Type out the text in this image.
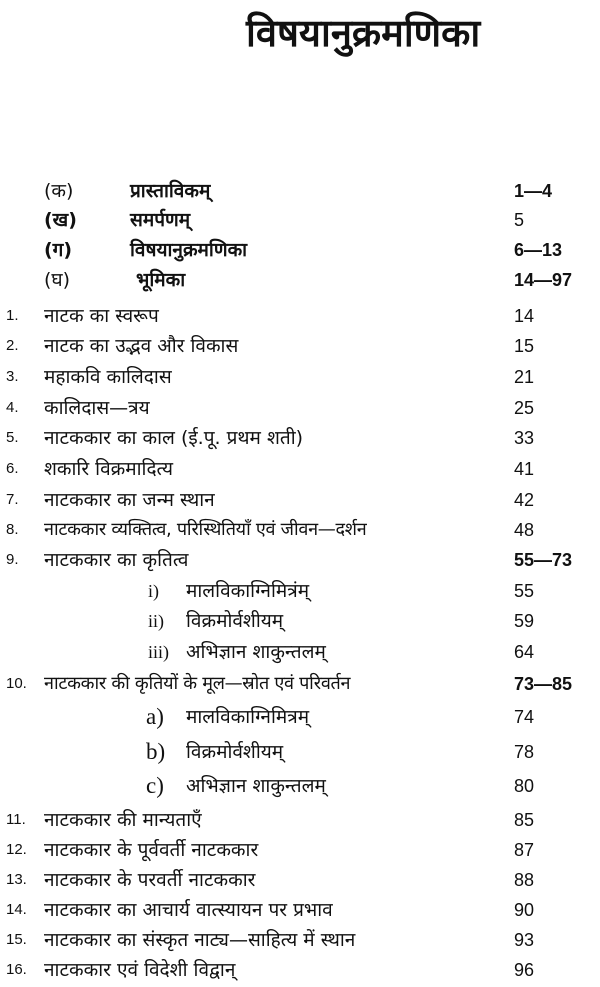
विषयानुक्रमणिका
(क)	प्रास्ताविकम्	1—4
(ख)	समर्पणम्	5
(ग)	विषयानुक्रमणिका	6—13
(घ)	भूमिका	14—97
1. नाटक का स्वरूप	14
2. नाटक का उद्भव और विकास	15
3. महाकवि कालिदास	21
4. कालिदास—त्रय	25
5. नाटककार का काल (ई.पू. प्रथम शती)	33
6. शकारि विक्रमादित्य	41
7. नाटककार का जन्म स्थान	42
8. नाटककार व्यक्तित्व, परिस्थितियाँ एवं जीवन—दर्शन	48
9. नाटककार का कृतित्व	55—73
i) मालविकाग्निमित्रंम्	55
ii) विक्रमोर्वशीयम्	59
iii) अभिज्ञान शाकुन्तलम्	64
10. नाटककार की कृतियों के मूल—स्रोत एवं परिवर्तन	73—85
a) मालविकाग्निमित्रम्	74
b) विक्रमोर्वशीयम्	78
c) अभिज्ञान शाकुन्तलम्	80
11. नाटककार की मान्यताएँ	85
12. नाटककार के पूर्ववर्ती नाटककार	87
13. नाटककार के परवर्ती नाटककार	88
14. नाटककार का आचार्य वात्स्यायन पर प्रभाव	90
15. नाटककार का संस्कृत नाट्य—साहित्य में स्थान	93
16. नाटककार एवं विदेशी विद्वान्	96
